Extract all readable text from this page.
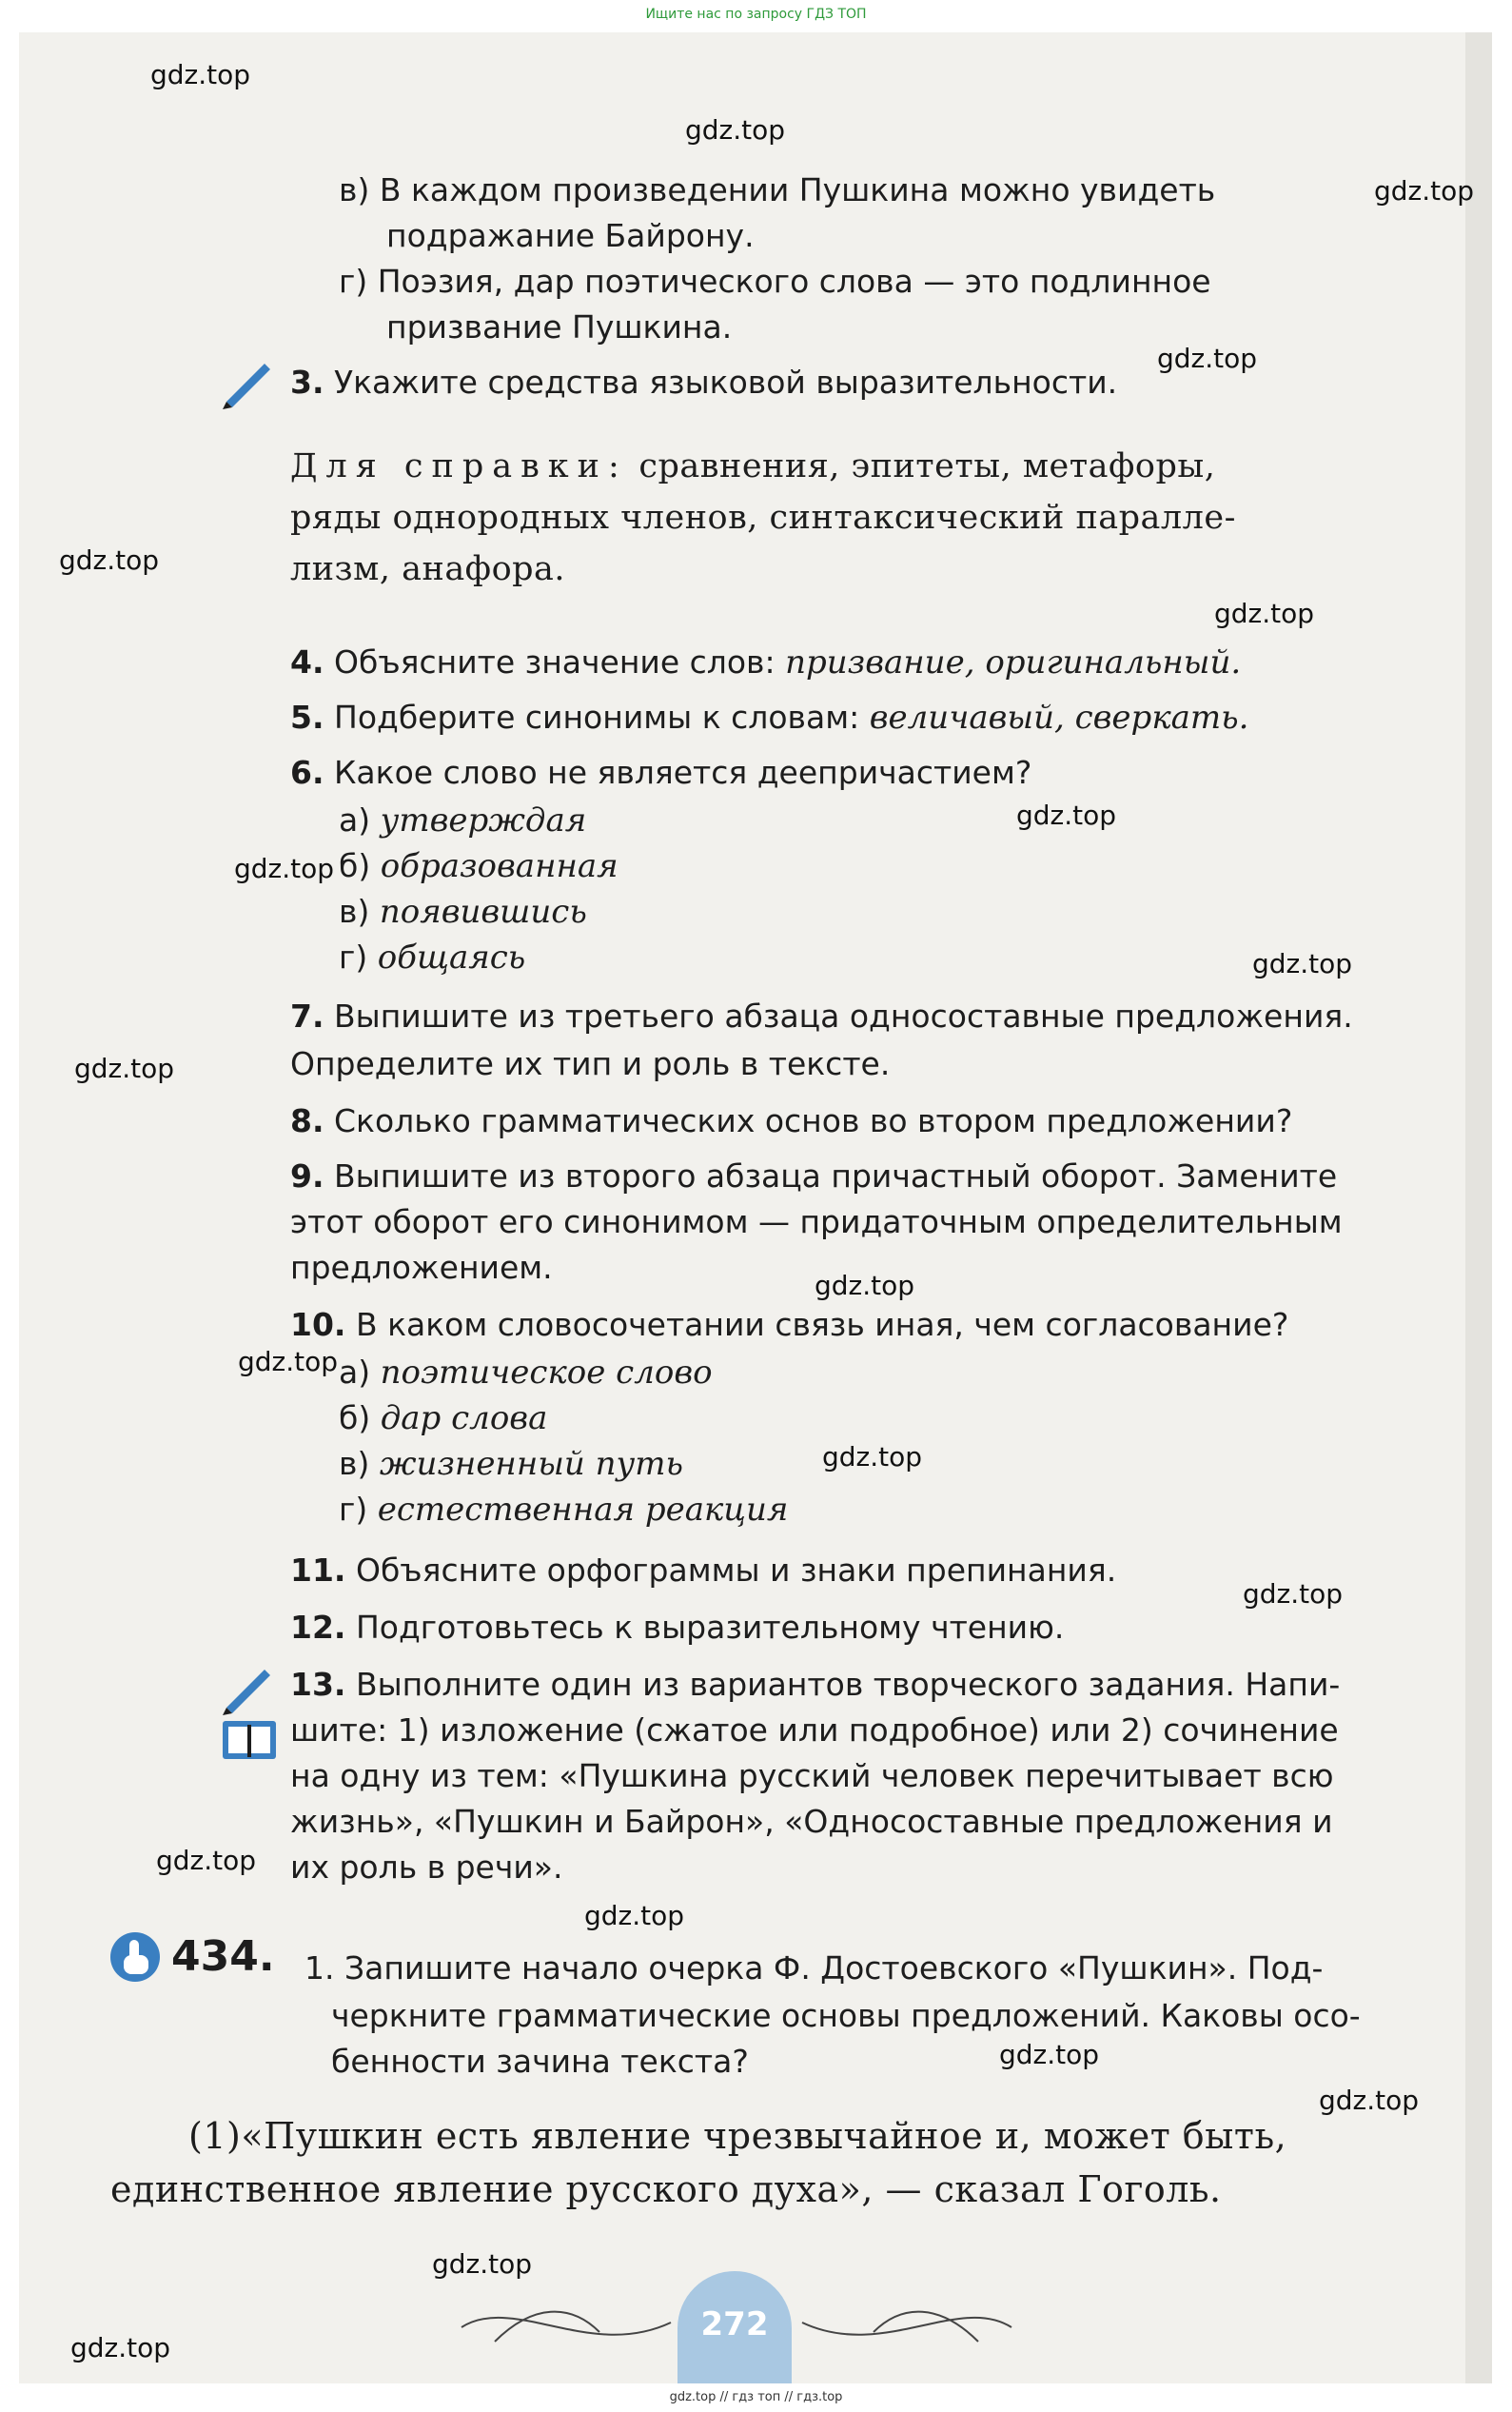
Ищите нас по запросу ГДЗ ТОП
в) В каждом произведении Пушкина можно увидеть
подражание Байрону.
г) Поэзия, дар поэтического слова — это подлинное
призвание Пушкина.
3. Укажите средства языковой выразительности.
Для справки: сравнения, эпитеты, метафоры,
ряды однородных членов, синтаксический паралле-
лизм, анафора.
4. Объясните значение слов: призвание, оригинальный.
5. Подберите синонимы к словам: величавый, сверкать.
6. Какое слово не является деепричастием?
а) утверждая
б) образованная
в) появившись
г) общаясь
7. Выпишите из третьего абзаца односоставные предложения.
Определите их тип и роль в тексте.
8. Сколько грамматических основ во втором предложении?
9. Выпишите из второго абзаца причастный оборот. Замените
этот оборот его синонимом — придаточным определительным
предложением.
10. В каком словосочетании связь иная, чем согласование?
а) поэтическое слово
б) дар слова
в) жизненный путь
г) естественная реакция
11. Объясните орфограммы и знаки препинания.
12. Подготовьтесь к выразительному чтению.
13. Выполните один из вариантов творческого задания. Напи-
шите: 1) изложение (сжатое или подробное) или 2) сочинение
на одну из тем: «Пушкина русский человек перечитывает всю
жизнь», «Пушкин и Байрон», «Односоставные предложения и
их роль в речи».
434. 1. Запишите начало очерка Ф. Достоевского «Пушкин». Под-
черкните грамматические основы предложений. Каковы осо-
бенности зачина текста?
(1)«Пушкин есть явление чрезвычайное и, может быть,
единственное явление русского духа», — сказал Гоголь.
272
gdz.top
gdz.top
gdz.top
gdz.top
gdz.top
gdz.top
gdz.top
gdz.top
gdz.top
gdz.top
gdz.top
gdz.top
gdz.top
gdz.top
gdz.top
gdz.top
gdz.top
gdz.top
gdz.top
gdz.top
gdz.top // гдз топ // гдз.top
